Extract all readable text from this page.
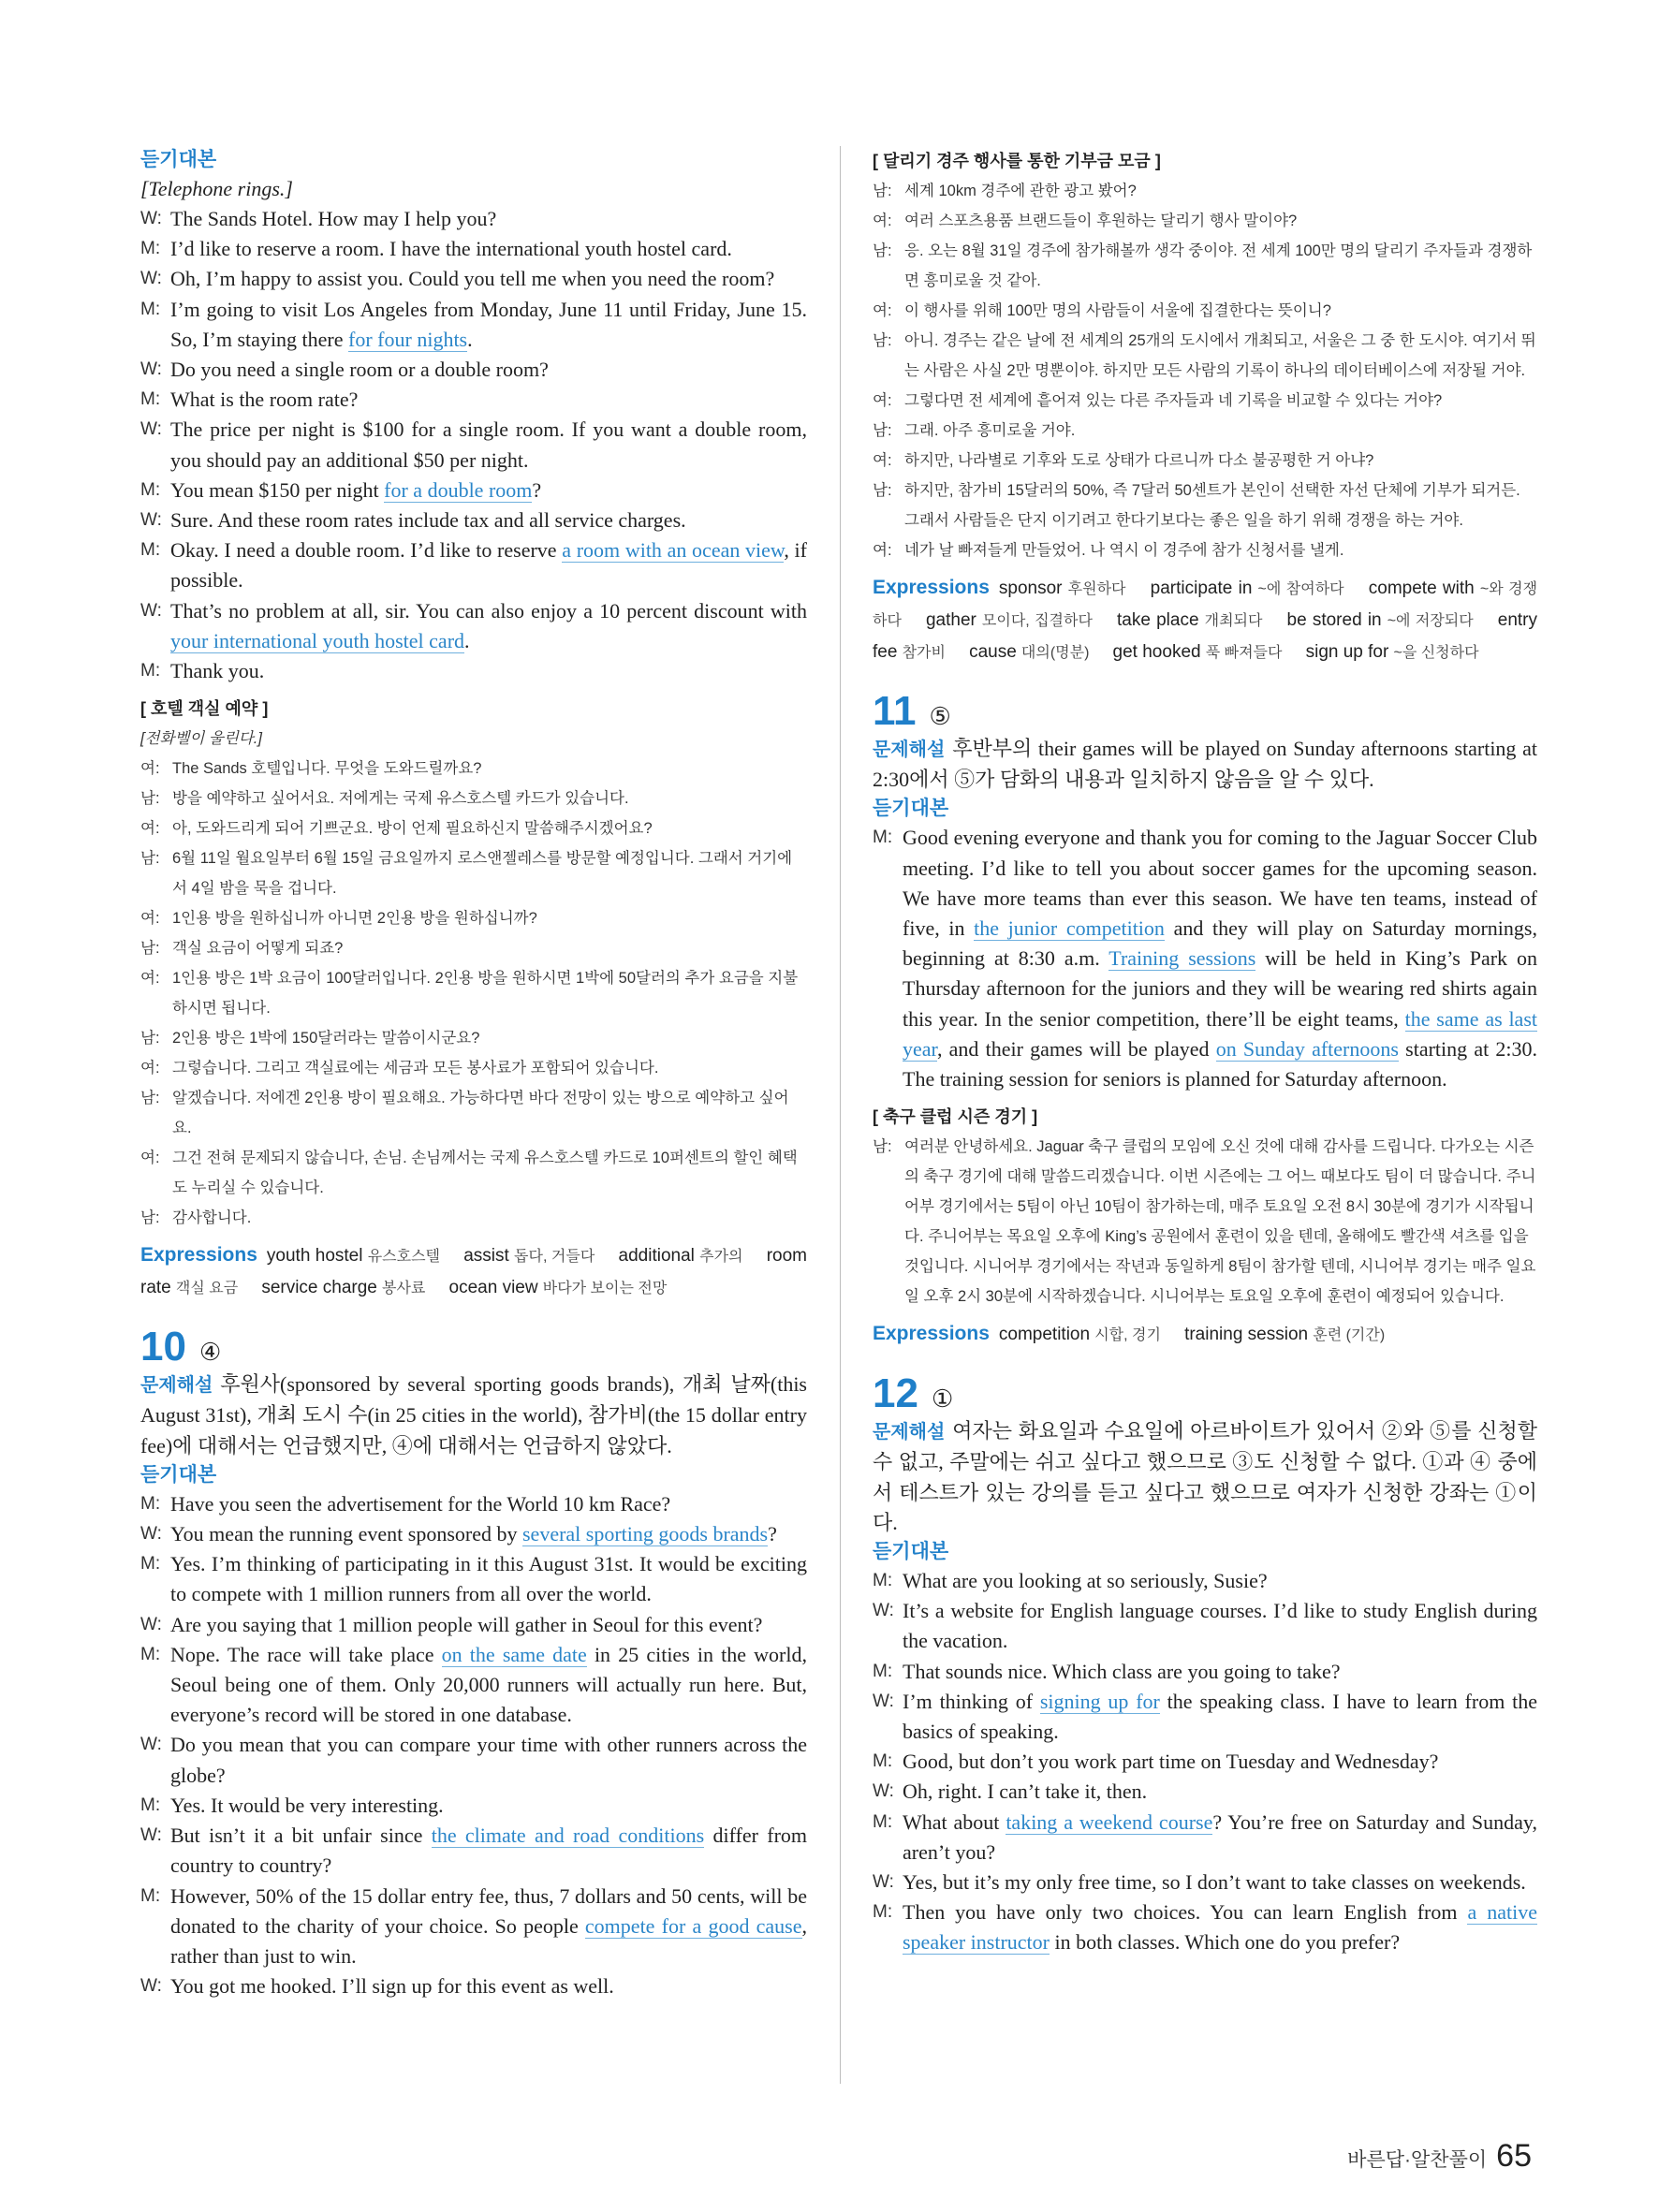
듣기대본
[Telephone rings.]
W: The Sands Hotel. How may I help you?
M: I’d like to reserve a room. I have the international youth hostel card.
W: Oh, I’m happy to assist you. Could you tell me when you need the room?
M: I’m going to visit Los Angeles from Monday, June 11 until Friday, June 15. So, I’m staying there for four nights.
W: Do you need a single room or a double room?
M: What is the room rate?
W: The price per night is $100 for a single room. If you want a double room, you should pay an additional $50 per night.
M: You mean $150 per night for a double room?
W: Sure. And these room rates include tax and all service charges.
M: Okay. I need a double room. I’d like to reserve a room with an ocean view, if possible.
W: That’s no problem at all, sir. You can also enjoy a 10 percent discount with your international youth hostel card.
M: Thank you.
[ 호텔 객실 예약 ]
[전화벨이 울린다.]
여: The Sands 호텔입니다. 무엇을 도와드릴까요?
남: 방을 예약하고 싶어서요. 저에게는 국제 유스호스텔 카드가 있습니다.
여: 아, 도와드리게 되어 기쁘군요. 방이 언제 필요하신지 말씀해주시겠어요?
남: 6월 11일 월요일부터 6월 15일 금요일까지 로스앤젤레스를 방문할 예정입니다. 그래서 거기에서 4일 밤을 묵을 겁니다.
여: 1인용 방을 원하십니까 아니면 2인용 방을 원하십니까?
남: 객실 요금이 어떻게 되죠?
여: 1인용 방은 1박 요금이 100달러입니다. 2인용 방을 원하시면 1박에 50달러의 추가 요금을 지불하시면 됩니다.
남: 2인용 방은 1박에 150달러라는 말씀이시군요?
여: 그렇습니다. 그리고 객실료에는 세금과 모든 봉사료가 포함되어 있습니다.
남: 알겠습니다. 저에겐 2인용 방이 필요해요. 가능하다면 바다 전망이 있는 방으로 예약하고 싶어요.
여: 그건 전혀 문제되지 않습니다, 손님. 손님께서는 국제 유스호스텔 카드로 10퍼센트의 할인 혜택도 누리실 수 있습니다.
남: 감사합니다.
Expressions youth hostel 유스호스텔 assist 돕다, 거들다 additional 추가의 room rate 객실 요금 service charge 봉사료 ocean view 바다가 보이는 전망
10 ④
문제해설 후원사(sponsored by several sporting goods brands), 개최 날짜(this August 31st), 개최 도시 수(in 25 cities in the world), 참가비(the 15 dollar entry fee)에 대해서는 언급했지만, ④에 대해서는 언급하지 않았다.
듣기대본
M: Have you seen the advertisement for the World 10 km Race?
W: You mean the running event sponsored by several sporting goods brands?
M: Yes. I’m thinking of participating in it this August 31st. It would be exciting to compete with 1 million runners from all over the world.
W: Are you saying that 1 million people will gather in Seoul for this event?
M: Nope. The race will take place on the same date in 25 cities in the world, Seoul being one of them. Only 20,000 runners will actually run here. But, everyone’s record will be stored in one database.
W: Do you mean that you can compare your time with other runners across the globe?
M: Yes. It would be very interesting.
W: But isn’t it a bit unfair since the climate and road conditions differ from country to country?
M: However, 50% of the 15 dollar entry fee, thus, 7 dollars and 50 cents, will be donated to the charity of your choice. So people compete for a good cause, rather than just to win.
W: You got me hooked. I’ll sign up for this event as well.
[ 달리기 경주 행사를 통한 기부금 모금 ]
남: 세계 10km 경주에 관한 광고 봤어?
여: 여러 스포츠용품 브랜드들이 후원하는 달리기 행사 말이야?
남: 응. 오는 8월 31일 경주에 참가해볼까 생각 중이야. 전 세계 100만 명의 달리기 주자들과 경쟁하면 흥미로울 것 같아.
여: 이 행사를 위해 100만 명의 사람들이 서울에 집결한다는 뜻이니?
남: 아니. 경주는 같은 날에 전 세계의 25개의 도시에서 개최되고, 서울은 그 중 한 도시야. 여기서 뛰는 사람은 사실 2만 명뿐이야. 하지만 모든 사람의 기록이 하나의 데이터베이스에 저장될 거야.
여: 그렇다면 전 세계에 흩어져 있는 다른 주자들과 네 기록을 비교할 수 있다는 거야?
남: 그래. 아주 흥미로울 거야.
여: 하지만, 나라별로 기후와 도로 상태가 다르니까 다소 불공평한 거 아냐?
남: 하지만, 참가비 15달러의 50%, 즉 7달러 50센트가 본인이 선택한 자선 단체에 기부가 되거든. 그래서 사람들은 단지 이기려고 한다기보다는 좋은 일을 하기 위해 경쟁을 하는 거야.
여: 네가 날 빠져들게 만들었어. 나 역시 이 경주에 참가 신청서를 낼게.
Expressions sponsor 후원하다 participate in ~에 참여하다 compete with ~와 경쟁하다 gather 모이다, 집결하다 take place 개최되다 be stored in ~에 저장되다 entry fee 참가비 cause 대의(명분) get hooked 푹 빠져들다 sign up for ~을 신청하다
11 ⑤
문제해설 후반부의 their games will be played on Sunday afternoons starting at 2:30에서 ⑤가 담화의 내용과 일치하지 않음을 알 수 있다.
듣기대본
M: Good evening everyone and thank you for coming to the Jaguar Soccer Club meeting. I’d like to tell you about soccer games for the upcoming season. We have more teams than ever this season. We have ten teams, instead of five, in the junior competition and they will play on Saturday mornings, beginning at 8:30 a.m. Training sessions will be held in King’s Park on Thursday afternoon for the juniors and they will be wearing red shirts again this year. In the senior competition, there’ll be eight teams, the same as last year, and their games will be played on Sunday afternoons starting at 2:30. The training session for seniors is planned for Saturday afternoon.
[ 축구 클럽 시즌 경기 ]
남: 여러분 안녕하세요. Jaguar 축구 클럽의 모임에 오신 것에 대해 감사를 드립니다. 다가오는 시즌의 축구 경기에 대해 말씀드리겠습니다. 이번 시즌에는 그 어느 때보다도 팀이 더 많습니다. 주니어부 경기에서는 5팀이 아닌 10팀이 참가하는데, 매주 토요일 오전 8시 30분에 경기가 시작됩니다. 주니어부는 목요일 오후에 King’s 공원에서 훈련이 있을 텐데, 올해에도 빨간색 셔츠를 입을 것입니다. 시니어부 경기에서는 작년과 동일하게 8팀이 참가할 텐데, 시니어부 경기는 매주 일요일 오후 2시 30분에 시작하겠습니다. 시니어부는 토요일 오후에 훈련이 예정되어 있습니다.
Expressions competition 시합, 경기 training session 훈련 (기간)
12 ①
문제해설 여자는 화요일과 수요일에 아르바이트가 있어서 ②와 ⑤를 신청할 수 없고, 주말에는 쉬고 싶다고 했으므로 ③도 신청할 수 없다. ①과 ④ 중에서 테스트가 있는 강의를 듣고 싶다고 했으므로 여자가 신청한 강좌는 ①이다.
듣기대본
M: What are you looking at so seriously, Susie?
W: It’s a website for English language courses. I’d like to study English during the vacation.
M: That sounds nice. Which class are you going to take?
W: I’m thinking of signing up for the speaking class. I have to learn from the basics of speaking.
M: Good, but don’t you work part time on Tuesday and Wednesday?
W: Oh, right. I can’t take it, then.
M: What about taking a weekend course? You’re free on Saturday and Sunday, aren’t you?
W: Yes, but it’s my only free time, so I don’t want to take classes on weekends.
M: Then you have only two choices. You can learn English from a native speaker instructor in both classes. Which one do you prefer?
바른답·알찬풀이 65
